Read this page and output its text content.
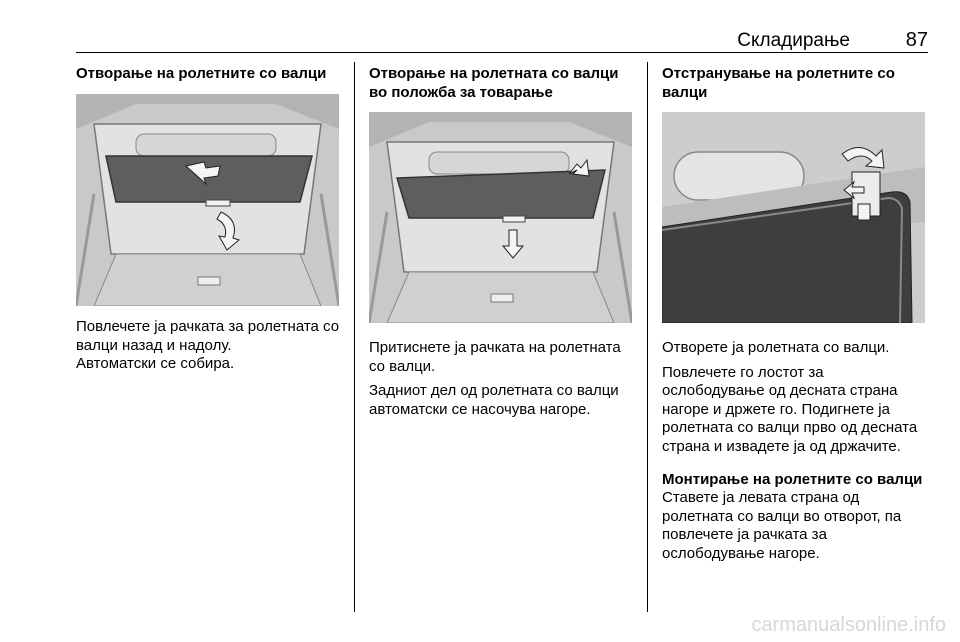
Складирање	87
Отворање на ролетните со валци

Повлечете ја рачката за ролетната со валци назад и надолу.

Автоматски се собира.

Отворање на ролетната со валци во положба за товарање

Притиснете ја рачката на ролетната со валци.

Задниот дел од ролетната со валци автоматски се насочува нагоре.

Отстранување на ролетните со валци

Отворете ја ролетната со валци.

Повлечете го лостот за ослободување од десната страна нагоре и држете го. Подигнете ја ролетната со валци прво од десната страна и извадете ја од држачите.

Монтирање на ролетните со валци

Ставете ја левата страна од ролетната со валци во отворот, па повлечете ја рачката за ослободување нагоре.

carmanualsonline.info
